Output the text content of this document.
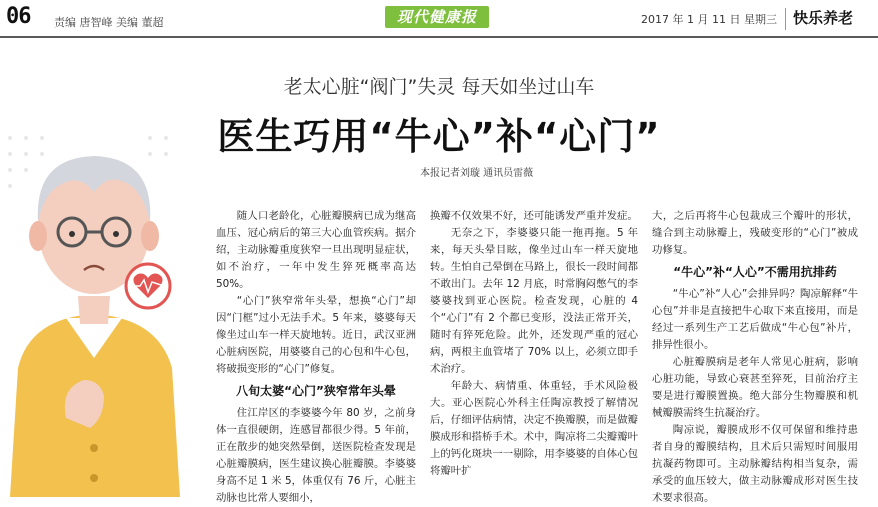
06 责编 唐智峰 美编 董超	现代健康报	2017 年 1 月 11 日 星期三 快乐养老
老太心脏“阀门”失灵 每天如坐过山车
医生巧用“牛心”补“心门”
本报记者刘璇 通讯员雷薇

随人口老龄化，心脏瓣膜病已成为继高血压、冠心病后的第三大心血管疾病。据介绍，主动脉瓣重度狭窄一旦出现明显症状，如不治疗，一年中发生猝死概率高达 50%。

“心门”狭窄常年头晕，想换“心门”却因“门框”过小无法手术。5 年来，婆婆每天像坐过山车一样天旋地转。近日，武汉亚洲心脏病医院，用婆婆自己的心包和牛心包，将破损变形的“心门”修复。

八旬太婆“心门”狭窄常年头晕

住江岸区的李婆婆今年 80 岁，之前身体一直很硬朗，连感冒都很少得。5 年前，正在散步的她突然晕倒，送医院检查发现是心脏瓣膜病，医生建议换心脏瓣膜。李婆婆身高不足 1 米 5，体重仅有 76 斤，心脏主动脉也比常人要细小，

换瓣不仅效果不好，还可能诱发严重并发症。

无奈之下，李婆婆只能一拖再拖。5 年来，每天头晕目眩，像坐过山车一样天旋地转。生怕自己晕倒在马路上，很长一段时间都不敢出门。去年 12 月底，时常胸闷憋气的李婆婆找到亚心医院。检查发现，心脏的 4 个“心门”有 2 个都已变形，没法正常开关，随时有猝死危险。此外，还发现严重的冠心病，两根主血管堵了 70% 以上，必须立即手术治疗。

年龄大、病情重、体重轻，手术风险极大。亚心医院心外科主任陶凉教授了解情况后，仔细评估病情，决定不换瓣膜，而是做瓣膜成形和搭桥手术。术中，陶凉将二尖瓣瓣叶上的钙化斑块一一剔除，用李婆婆的自体心包将瓣叶扩

大，之后再将牛心包裁成三个瓣叶的形状，缝合到主动脉瓣上，残破变形的“心门”被成功修复。

“牛心”补“人心”不需用抗排药

“牛心”补“人心”会排异吗？陶凉解释“牛心包”并非是直接把牛心取下来直接用，而是经过一系列生产工艺后做成“牛心包”补片，排异性很小。

心脏瓣膜病是老年人常见心脏病，影响心脏功能，导致心衰甚至猝死，目前治疗主要是进行瓣膜置换。绝大部分生物瓣膜和机械瓣膜需终生抗凝治疗。

陶凉说，瓣膜成形不仅可保留和维持患者自身的瓣膜结构，且术后只需短时间服用抗凝药物即可。主动脉瓣结构相当复杂，需承受的血压较大，做主动脉瓣成形对医生技术要求很高。
